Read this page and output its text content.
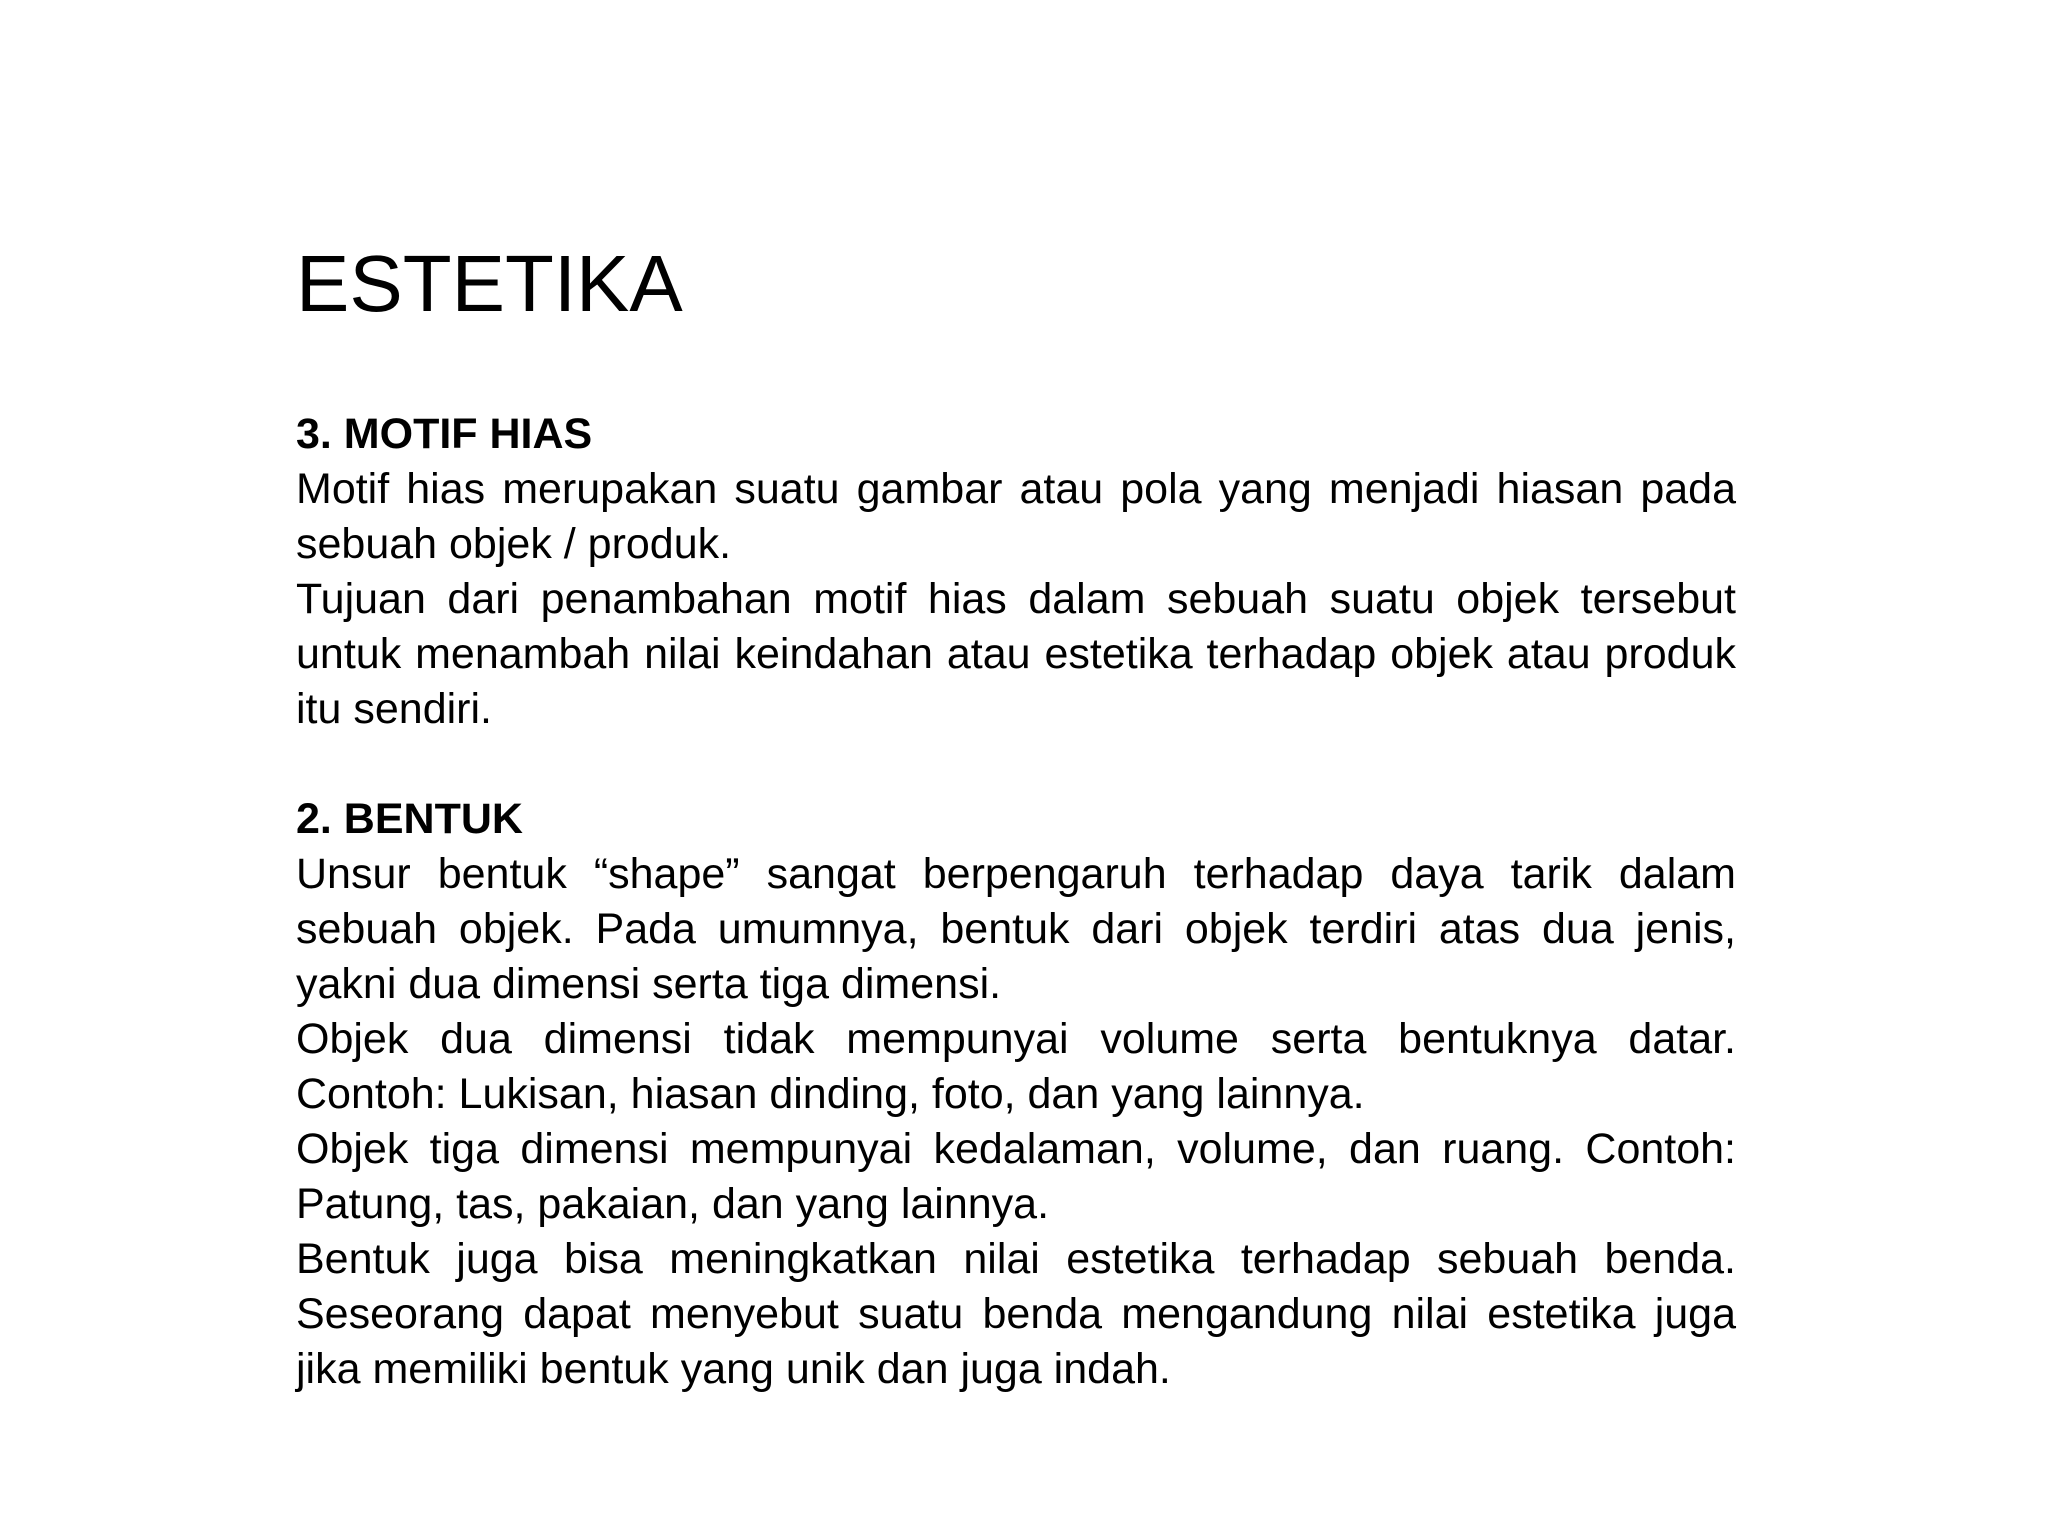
ESTETIKA

3. MOTIF HIAS

Motif hias merupakan suatu gambar atau pola yang menjadi hiasan pada sebuah objek / produk.

Tujuan dari penambahan motif hias dalam sebuah suatu objek tersebut untuk menambah nilai keindahan atau estetika terhadap objek atau produk itu sendiri.

2. BENTUK

Unsur bentuk “shape” sangat berpengaruh terhadap daya tarik dalam sebuah objek. Pada umumnya, bentuk dari objek terdiri atas dua jenis, yakni dua dimensi serta tiga dimensi.

Objek dua dimensi tidak mempunyai volume serta bentuknya datar. Contoh: Lukisan, hiasan dinding, foto, dan yang lainnya.

Objek tiga dimensi mempunyai kedalaman, volume, dan ruang. Contoh: Patung, tas, pakaian, dan yang lainnya.

Bentuk juga bisa meningkatkan nilai estetika terhadap sebuah benda. Seseorang dapat menyebut suatu benda mengandung nilai estetika juga jika memiliki bentuk yang unik dan juga indah.
